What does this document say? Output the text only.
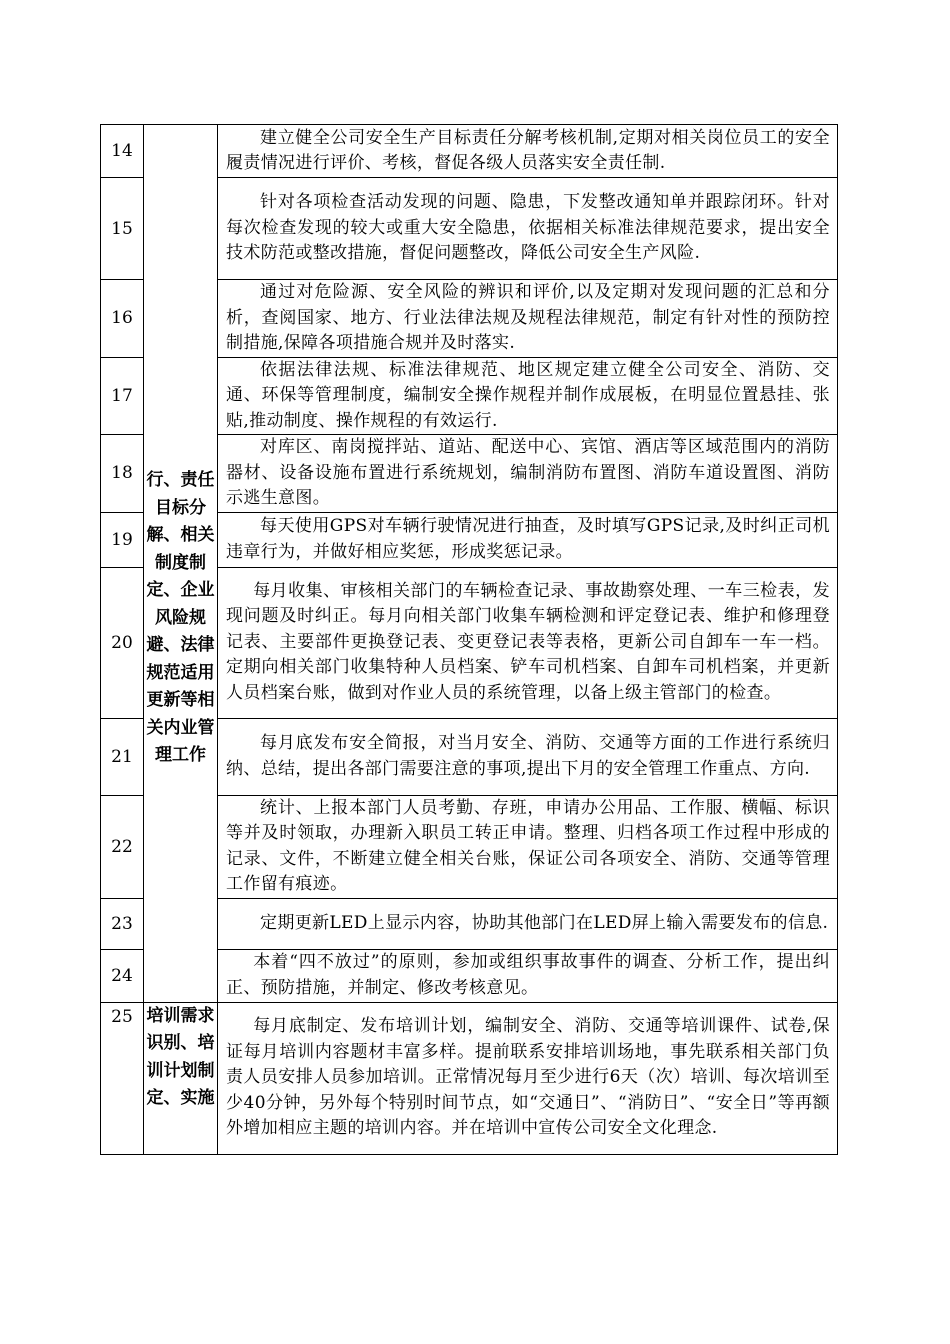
14	行、责任目标分解、相关制度制定、企业风险规避、法律规范适用更新等相关内业管理工作	建立健全公司安全生产目标责任分解考核机制,定期对相关岗位员工的安全履责情况进行评价、考核，督促各级人员落实安全责任制.
15		针对各项检查活动发现的问题、隐患，下发整改通知单并跟踪闭环。针对每次检查发现的较大或重大安全隐患，依据相关标准法律规范要求，提出安全技术防范或整改措施，督促问题整改，降低公司安全生产风险.
16		通过对危险源、安全风险的辨识和评价,以及定期对发现问题的汇总和分析，查阅国家、地方、行业法律法规及规程法律规范，制定有针对性的预防控制措施,保障各项措施合规并及时落实.
17		依据法律法规、标准法律规范、地区规定建立健全公司安全、消防、交通、环保等管理制度，编制安全操作规程并制作成展板，在明显位置悬挂、张贴,推动制度、操作规程的有效运行.
18		对库区、南岗搅拌站、道站、配送中心、宾馆、酒店等区域范围内的消防器材、设备设施布置进行系统规划，编制消防布置图、消防车道设置图、消防示逃生意图。
19		每天使用GPS对车辆行驶情况进行抽查，及时填写GPS记录,及时纠正司机违章行为，并做好相应奖惩，形成奖惩记录。
20		每月收集、审核相关部门的车辆检查记录、事故勘察处理、一车三检表，发现问题及时纠正。每月向相关部门收集车辆检测和评定登记表、维护和修理登记表、主要部件更换登记表、变更登记表等表格，更新公司自卸车一车一档。定期向相关部门收集特种人员档案、铲车司机档案、自卸车司机档案，并更新人员档案台账，做到对作业人员的系统管理，以备上级主管部门的检查。
21		每月底发布安全简报，对当月安全、消防、交通等方面的工作进行系统归纳、总结，提出各部门需要注意的事项,提出下月的安全管理工作重点、方向.
22		统计、上报本部门人员考勤、存班，申请办公用品、工作服、横幅、标识等并及时领取，办理新入职员工转正申请。整理、归档各项工作过程中形成的记录、文件，不断建立健全相关台账，保证公司各项安全、消防、交通等管理工作留有痕迹。
23		定期更新LED上显示内容，协助其他部门在LED屏上输入需要发布的信息.
24		本着“四不放过”的原则，参加或组织事故事件的调查、分析工作，提出纠正、预防措施，并制定、修改考核意见。
25	培训需求识别、培训计划制定、实施	每月底制定、发布培训计划，编制安全、消防、交通等培训课件、试卷,保证每月培训内容题材丰富多样。提前联系安排培训场地，事先联系相关部门负责人员安排人员参加培训。正常情况每月至少进行6天（次）培训、每次培训至少40分钟，另外每个特别时间节点，如“交通日”、“消防日”、“安全日”等再额外增加相应主题的培训内容。并在培训中宣传公司安全文化理念.
